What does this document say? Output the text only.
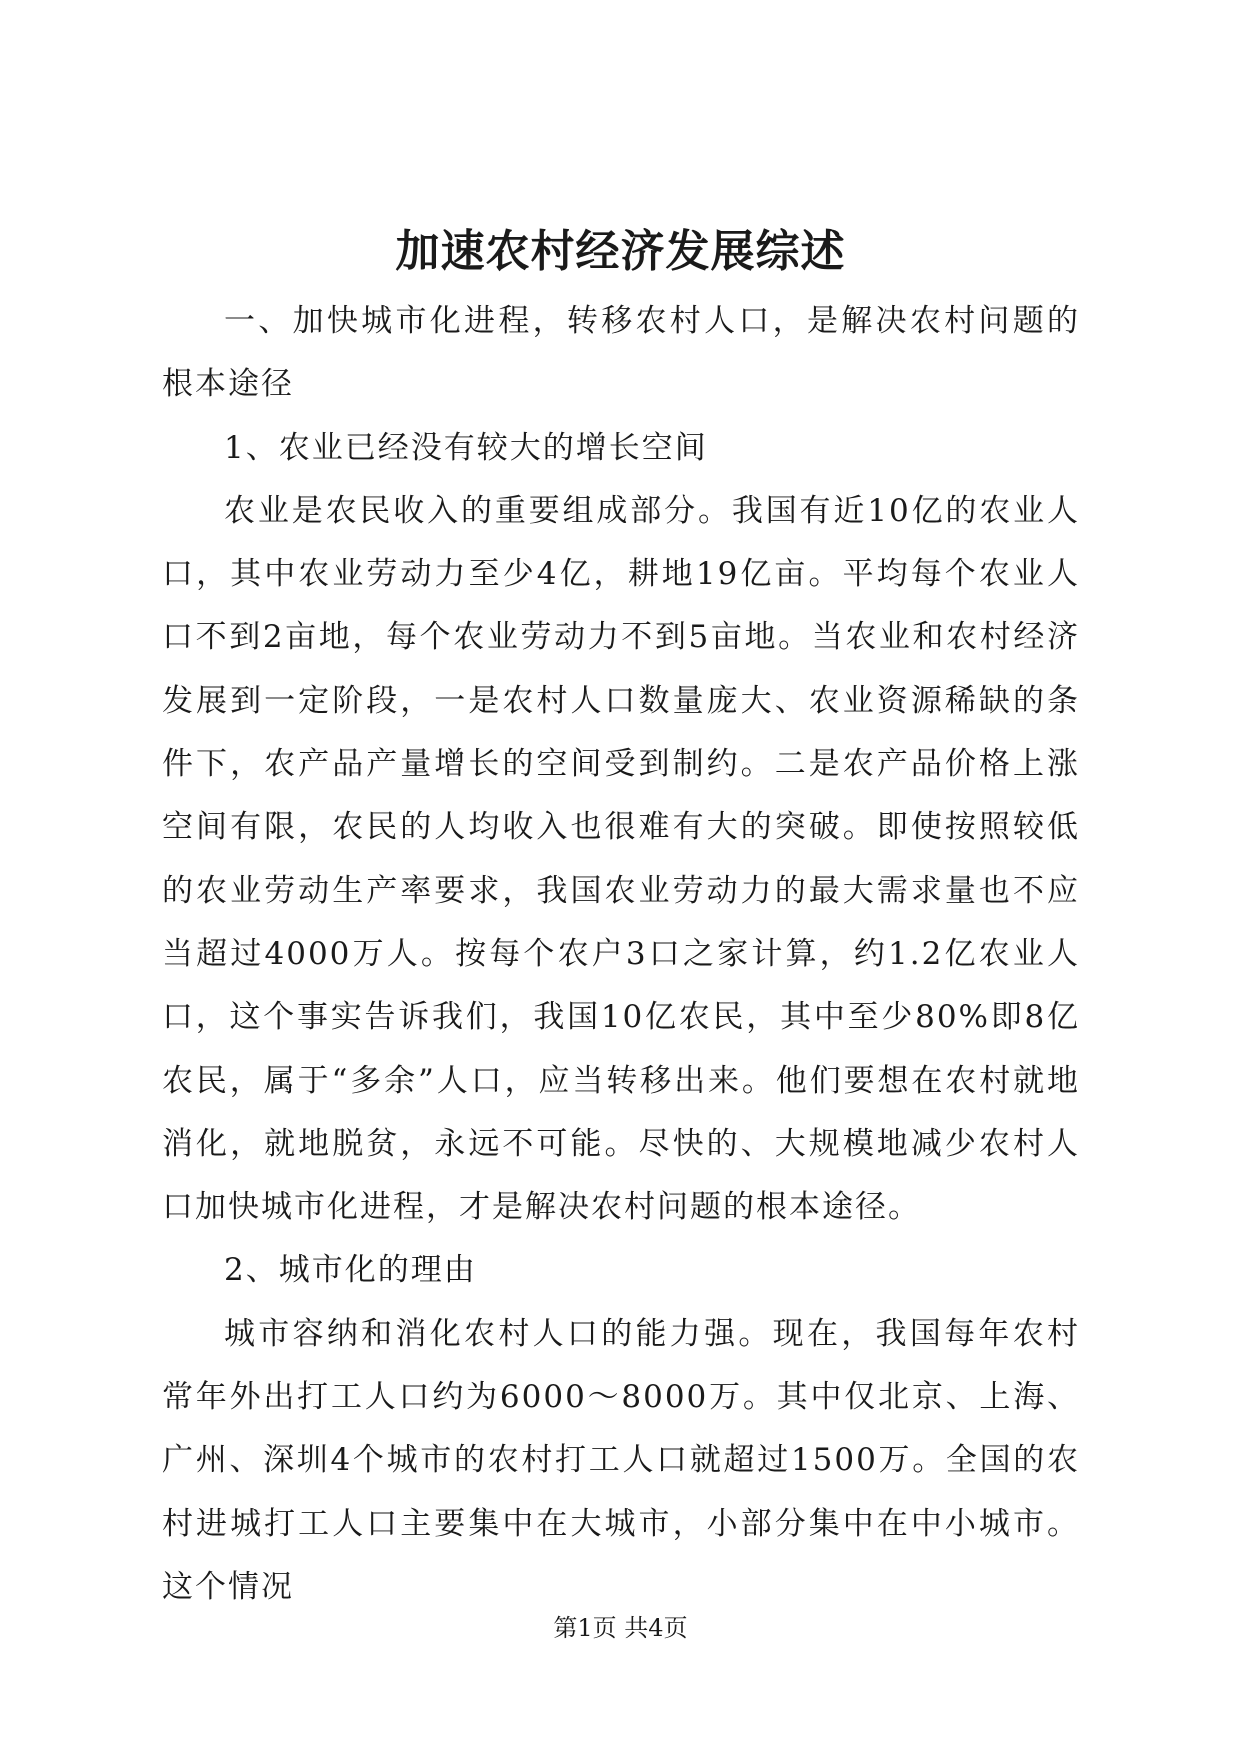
加速农村经济发展综述

一、加快城市化进程，转移农村人口，是解决农村问题的根本途径

1、农业已经没有较大的增长空间

农业是农民收入的重要组成部分。我国有近10亿的农业人口，其中农业劳动力至少4亿，耕地19亿亩。平均每个农业人口不到2亩地，每个农业劳动力不到5亩地。当农业和农村经济发展到一定阶段，一是农村人口数量庞大、农业资源稀缺的条件下，农产品产量增长的空间受到制约。二是农产品价格上涨空间有限，农民的人均收入也很难有大的突破。即使按照较低的农业劳动生产率要求，我国农业劳动力的最大需求量也不应当超过4000万人。按每个农户3口之家计算，约1.2亿农业人口，这个事实告诉我们，我国10亿农民，其中至少80%即8亿农民，属于“多余”人口，应当转移出来。他们要想在农村就地消化，就地脱贫，永远不可能。尽快的、大规模地减少农村人口加快城市化进程，才是解决农村问题的根本途径。

2、城市化的理由

城市容纳和消化农村人口的能力强。现在，我国每年农村常年外出打工人口约为6000～8000万。其中仅北京、上海、广州、深圳4个城市的农村打工人口就超过1500万。全国的农村进城打工人口主要集中在大城市，小部分集中在中小城市。这个情况

第1页 共4页
